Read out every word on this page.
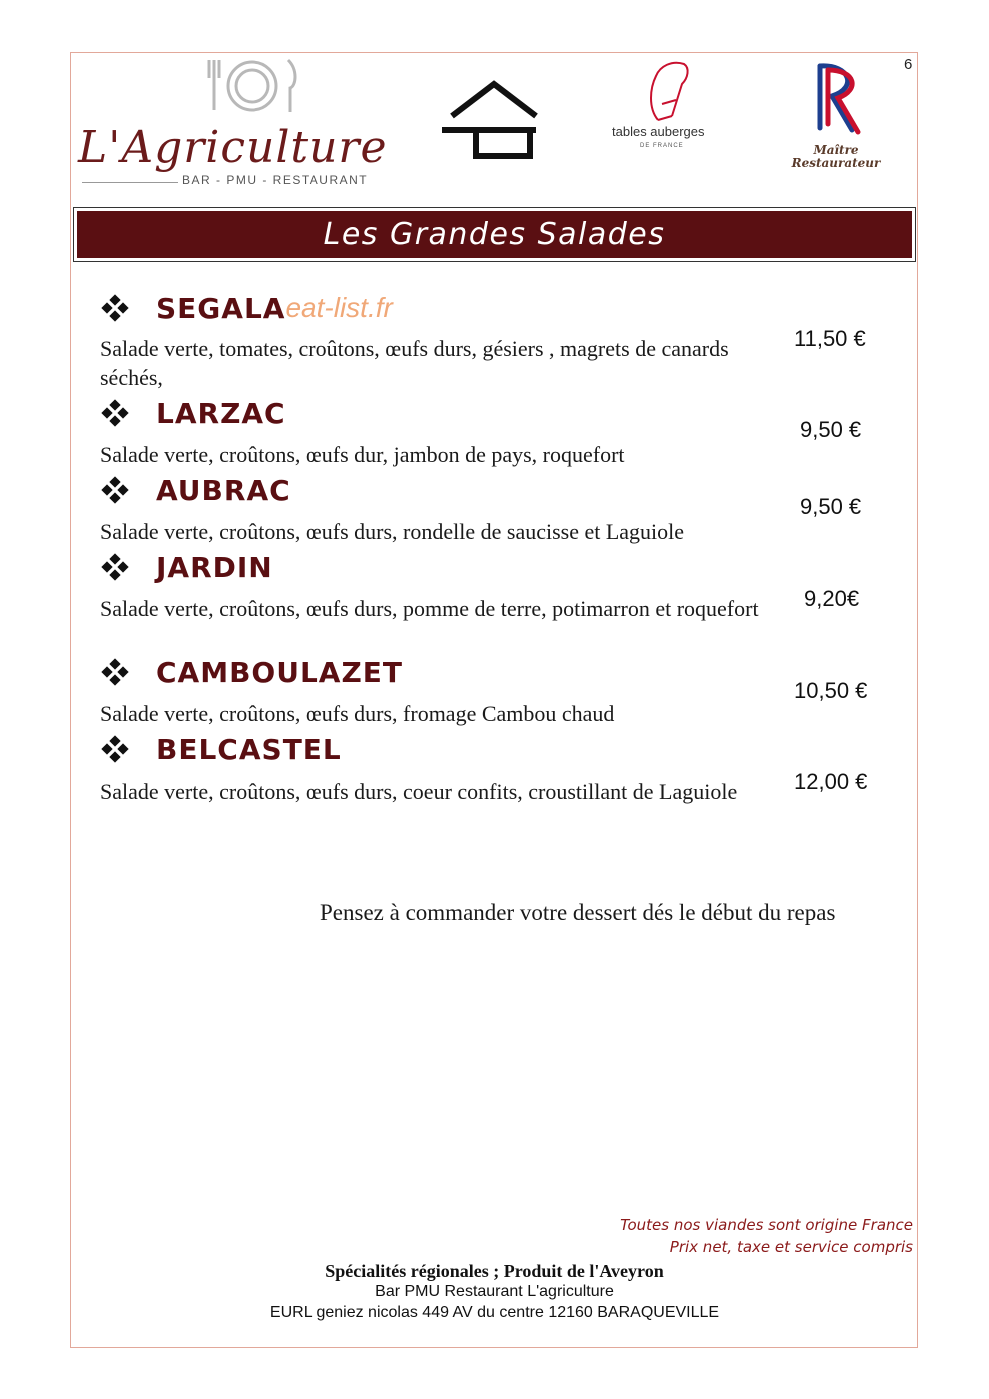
6
L'Agriculture
BAR - PMU - RESTAURANT
tables auberges
DE FRANCE	Maître
Restaurateur
Les Grandes Salades
SEGALA eat-list.fr
Salade verte, tomates, croûtons, œufs durs, gésiers , magrets de canards séchés,
11,50 €
LARZAC
Salade verte, croûtons, œufs dur, jambon de pays, roquefort
9,50 €
AUBRAC
Salade verte, croûtons, œufs durs, rondelle de saucisse et Laguiole
9,50 €
JARDIN
Salade verte, croûtons, œufs durs, pomme de terre, potimarron et roquefort	9,20€
CAMBOULAZET
Salade verte, croûtons, œufs durs, fromage Cambou chaud
10,50 €
BELCASTEL
Salade verte, croûtons, œufs durs, coeur confits, croustillant de Laguiole	12,00 €
Pensez à commander votre dessert dés le début du repas
Toutes nos viandes sont origine France
Prix net, taxe et service compris
Spécialités régionales ; Produit de l'Aveyron
Bar PMU Restaurant L'agriculture
EURL geniez nicolas 449 AV du centre 12160 BARAQUEVILLE
